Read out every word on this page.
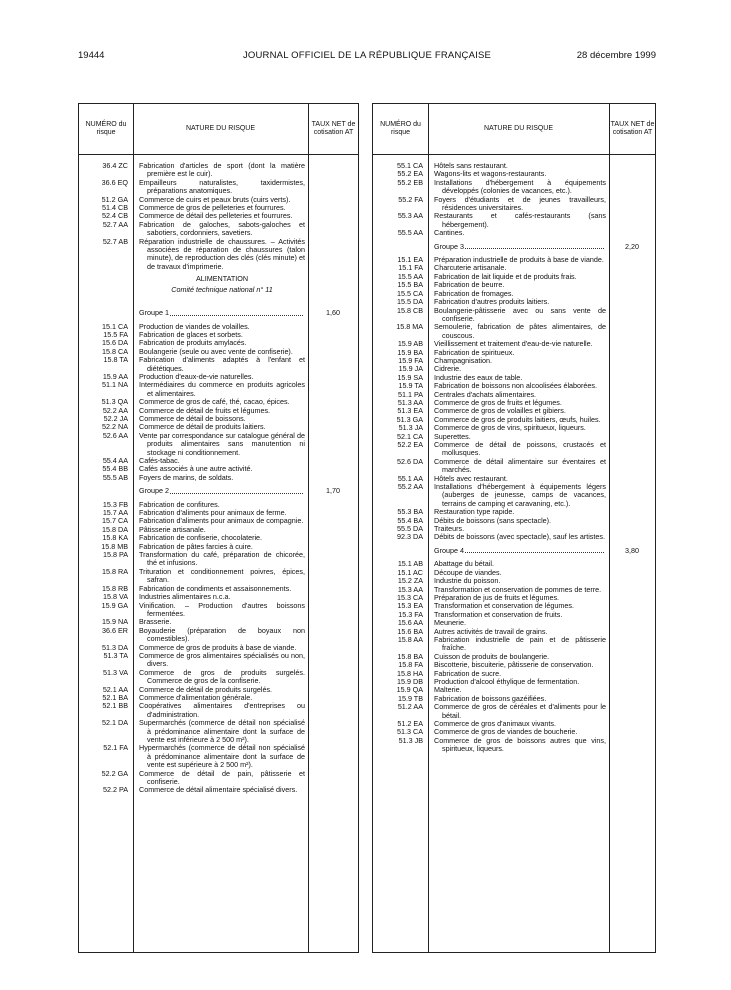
19444	JOURNAL OFFICIEL DE LA RÉPUBLIQUE FRANÇAISE	28 décembre 1999
NUMÉRO du risque
NATURE DU RISQUE
TAUX NET de cotisation AT
36.4 ZC	Fabrication d'articles de sport (dont la matière première est le cuir).
36.6 EQ	Empailleurs naturalistes, taxidermistes, préparations anatomiques.
51.2 GA	Commerce de cuirs et peaux bruts (cuirs verts).
51.4 CB	Commerce de gros de pelleteries et fourrures.
52.4 CB	Commerce de détail des pelleteries et fourrures.
52.7 AA	Fabrication de galoches, sabots-galoches et sabotiers, cordonniers, savetiers.
52.7 AB	Réparation industrielle de chaussures. – Activités associées de réparation de chaussures (talon minute), de reproduction des clés (clés minute) et de travaux d'imprimerie.
ALIMENTATION
Comité technique national n° 11
Groupe 1	1,60
15.1 CA	Production de viandes de volailles.
15.5 FA	Fabrication de glaces et sorbets.
15.6 DA	Fabrication de produits amylacés.
15.8 CA	Boulangerie (seule ou avec vente de confiserie).
15.8 TA	Fabrication d'aliments adaptés à l'enfant et diététiques.
15.9 AA	Production d'eaux-de-vie naturelles.
51.1 NA	Intermédiaires du commerce en produits agricoles et alimentaires.
51.3 QA	Commerce de gros de café, thé, cacao, épices.
52.2 AA	Commerce de détail de fruits et légumes.
52.2 JA	Commerce de détail de boissons.
52.2 NA	Commerce de détail de produits laitiers.
52.6 AA	Vente par correspondance sur catalogue général de produits alimentaires sans manutention ni stockage ni conditionnement.
55.4 AA	Cafés-tabac.
55.4 BB	Cafés associés à une autre activité.
55.5 AB	Foyers de marins, de soldats.
Groupe 2	1,70
15.3 FB	Fabrication de confitures.
15.7 AA	Fabrication d'aliments pour animaux de ferme.
15.7 CA	Fabrication d'aliments pour animaux de compagnie.
15.8 DA	Pâtisserie artisanale.
15.8 KA	Fabrication de confiserie, chocolaterie.
15.8 MB	Fabrication de pâtes farcies à cuire.
15.8 PA	Transformation du café, préparation de chicorée, thé et infusions.
15.8 RA	Trituration et conditionnement poivres, épices, safran.
15.8 RB	Fabrication de condiments et assaisonnements.
15.8 VA	Industries alimentaires n.c.a.
15.9 GA	Vinification. – Production d'autres boissons fermentées.
15.9 NA	Brasserie.
36.6 ER	Boyauderie (préparation de boyaux non comestibles).
51.3 DA	Commerce de gros de produits à base de viande.
51.3 TA	Commerce de gros alimentaires spécialisés ou non, divers.
51.3 VA	Commerce de gros de produits surgelés. Commerce de gros de la confiserie.
52.1 AA	Commerce de détail de produits surgelés.
52.1 BA	Commerce d'alimentation générale.
52.1 BB	Coopératives alimentaires d'entreprises ou d'administration.
52.1 DA	Supermarchés (commerce de détail non spécialisé à prédominance alimentaire dont la surface de vente est inférieure à 2 500 m²).
52.1 FA	Hypermarchés (commerce de détail non spécialisé à prédominance alimentaire dont la surface de vente est supérieure à 2 500 m²).
52.2 GA	Commerce de détail de pain, pâtisserie et confiserie.
52.2 PA	Commerce de détail alimentaire spécialisé divers.
NUMÉRO du risque
NATURE DU RISQUE
TAUX NET de cotisation AT
55.1 CA	Hôtels sans restaurant.
55.2 EA	Wagons-lits et wagons-restaurants.
55.2 EB	Installations d'hébergement à équipements développés (colonies de vacances, etc.).
55.2 FA	Foyers d'étudiants et de jeunes travailleurs, résidences universitaires.
55.3 AA	Restaurants et cafés-restaurants (sans hébergement).
55.5 AA	Cantines.
Groupe 3	2,20
15.1 EA	Préparation industrielle de produits à base de viande.
15.1 FA	Charcuterie artisanale.
15.5 AA	Fabrication de lait liquide et de produits frais.
15.5 BA	Fabrication de beurre.
15.5 CA	Fabrication de fromages.
15.5 DA	Fabrication d'autres produits laitiers.
15.8 CB	Boulangerie-pâtisserie avec ou sans vente de confiserie.
15.8 MA	Semoulerie, fabrication de pâtes alimentaires, de couscous.
15.9 AB	Vieillissement et traitement d'eau-de-vie naturelle.
15.9 BA	Fabrication de spiritueux.
15.9 FA	Champagnisation.
15.9 JA	Cidrerie.
15.9 SA	Industrie des eaux de table.
15.9 TA	Fabrication de boissons non alcoolisées élaborées.
51.1 PA	Centrales d'achats alimentaires.
51.3 AA	Commerce de gros de fruits et légumes.
51.3 EA	Commerce de gros de volailles et gibiers.
51.3 GA	Commerce de gros de produits laitiers, œufs, huiles.
51.3 JA	Commerce de gros de vins, spiritueux, liqueurs.
52.1 CA	Superettes.
52.2 EA	Commerce de détail de poissons, crustacés et mollusques.
52.6 DA	Commerce de détail alimentaire sur éventaires et marchés.
55.1 AA	Hôtels avec restaurant.
55.2 AA	Installations d'hébergement à équipements légers (auberges de jeunesse, camps de vacances, terrains de camping et caravaning, etc.).
55.3 BA	Restauration type rapide.
55.4 BA	Débits de boissons (sans spectacle).
55.5 DA	Traiteurs.
92.3 DA	Débits de boissons (avec spectacle), sauf les artistes.
Groupe 4	3,80
15.1 AB	Abattage du bétail.
15.1 AC	Découpe de viandes.
15.2 ZA	Industrie du poisson.
15.3 AA	Transformation et conservation de pommes de terre.
15.3 CA	Préparation de jus de fruits et légumes.
15.3 EA	Transformation et conservation de légumes.
15.3 FA	Transformation et conservation de fruits.
15.6 AA	Meunerie.
15.6 BA	Autres activités de travail de grains.
15.8 AA	Fabrication industrielle de pain et de pâtisserie fraîche.
15.8 BA	Cuisson de produits de boulangerie.
15.8 FA	Biscotterie, biscuiterie, pâtisserie de conservation.
15.8 HA	Fabrication de sucre.
15.9 DB	Production d'alcool éthylique de fermentation.
15.9 QA	Malterie.
15.9 TB	Fabrication de boissons gazéifiées.
51.2 AA	Commerce de gros de céréales et d'aliments pour le bétail.
51.2 EA	Commerce de gros d'animaux vivants.
51.3 CA	Commerce de gros de viandes de boucherie.
51.3 JB	Commerce de gros de boissons autres que vins, spiritueux, liqueurs.
